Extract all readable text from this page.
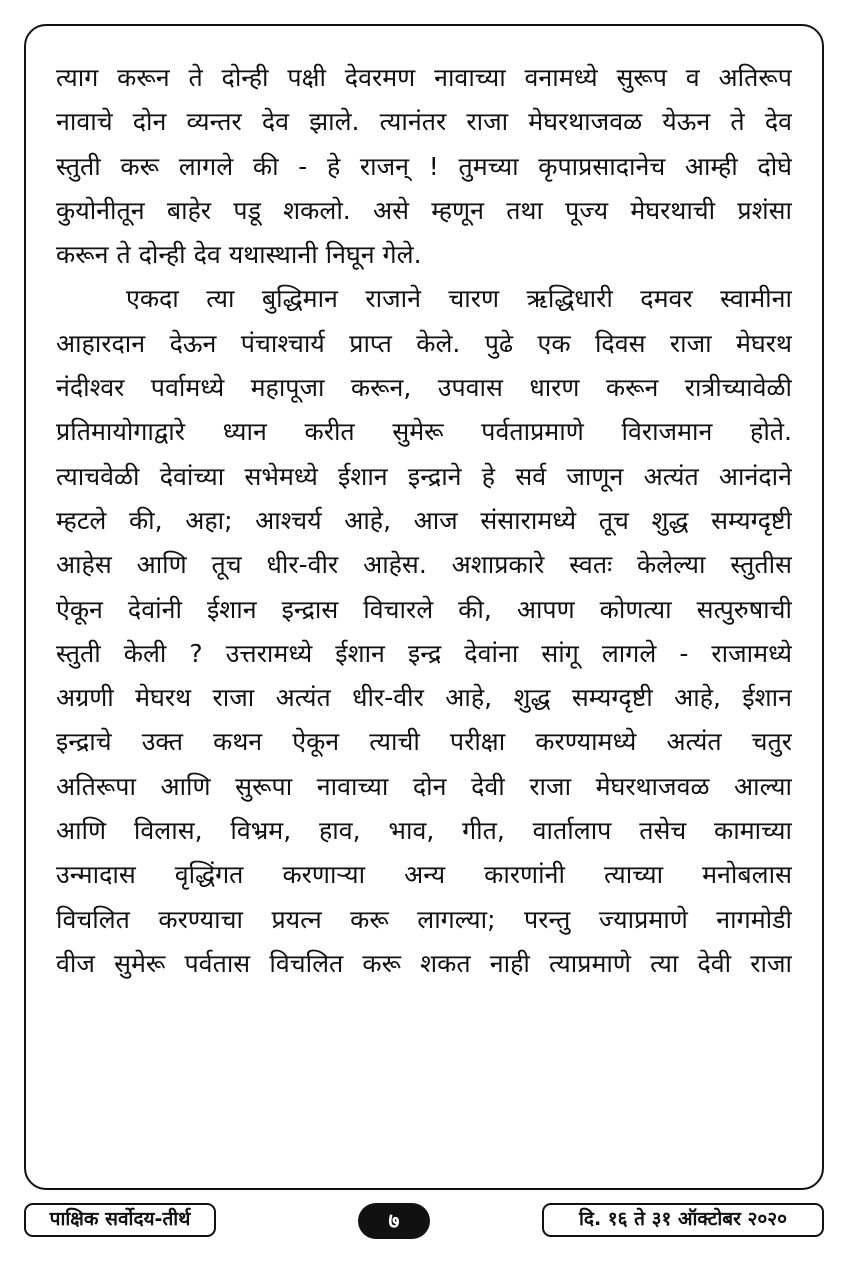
त्याग करून ते दोन्ही पक्षी देवरमण नावाच्या वनामध्ये सुरूप व अतिरूप
नावाचे दोन व्यन्तर देव झाले. त्यानंतर राजा मेघरथाजवळ येऊन ते देव
स्तुती करू लागले की - हे राजन् ! तुमच्या कृपाप्रसादानेच आम्ही दोघे
कुयोनीतून बाहेर पडू शकलो. असे म्हणून तथा पूज्य मेघरथाची प्रशंसा
करून ते दोन्ही देव यथास्थानी निघून गेले.

एकदा त्या बुद्धिमान राजाने चारण ऋद्धिधारी दमवर स्वामीना
आहारदान देऊन पंचाश्चार्य प्राप्त केले. पुढे एक दिवस राजा मेघरथ
नंदीश्वर पर्वामध्ये महापूजा करून, उपवास धारण करून रात्रीच्यावेळी
प्रतिमायोगाद्वारे ध्यान करीत सुमेरू पर्वताप्रमाणे विराजमान होते.
त्याचवेळी देवांच्या सभेमध्ये ईशान इन्द्राने हे सर्व जाणून अत्यंत आनंदाने
म्हटले की, अहा; आश्चर्य आहे, आज संसारामध्ये तूच शुद्ध सम्यग्दृष्टी
आहेस आणि तूच धीर-वीर आहेस. अशाप्रकारे स्वतः केलेल्या स्तुतीस
ऐकून देवांनी ईशान इन्द्रास विचारले की, आपण कोणत्या सत्पुरुषाची
स्तुती केली ? उत्तरामध्ये ईशान इन्द्र देवांना सांगू लागले - राजामध्ये
अग्रणी मेघरथ राजा अत्यंत धीर-वीर आहे, शुद्ध सम्यग्दृष्टी आहे, ईशान
इन्द्राचे उक्त कथन ऐकून त्याची परीक्षा करण्यामध्ये अत्यंत चतुर
अतिरूपा आणि सुरूपा नावाच्या दोन देवी राजा मेघरथाजवळ आल्या
आणि विलास, विभ्रम, हाव, भाव, गीत, वार्तालाप तसेच कामाच्या
उन्मादास वृद्धिंगत करणाऱ्या अन्य कारणांनी त्याच्या मनोबलास
विचलित करण्याचा प्रयत्न करू लागल्या; परन्तु ज्याप्रमाणे नागमोडी
वीज सुमेरू पर्वतास विचलित करू शकत नाही त्याप्रमाणे त्या देवी राजा

पाक्षिक सर्वोदय-तीर्थ	७	दि. १६ ते ३१ ऑक्टोबर २०२०
